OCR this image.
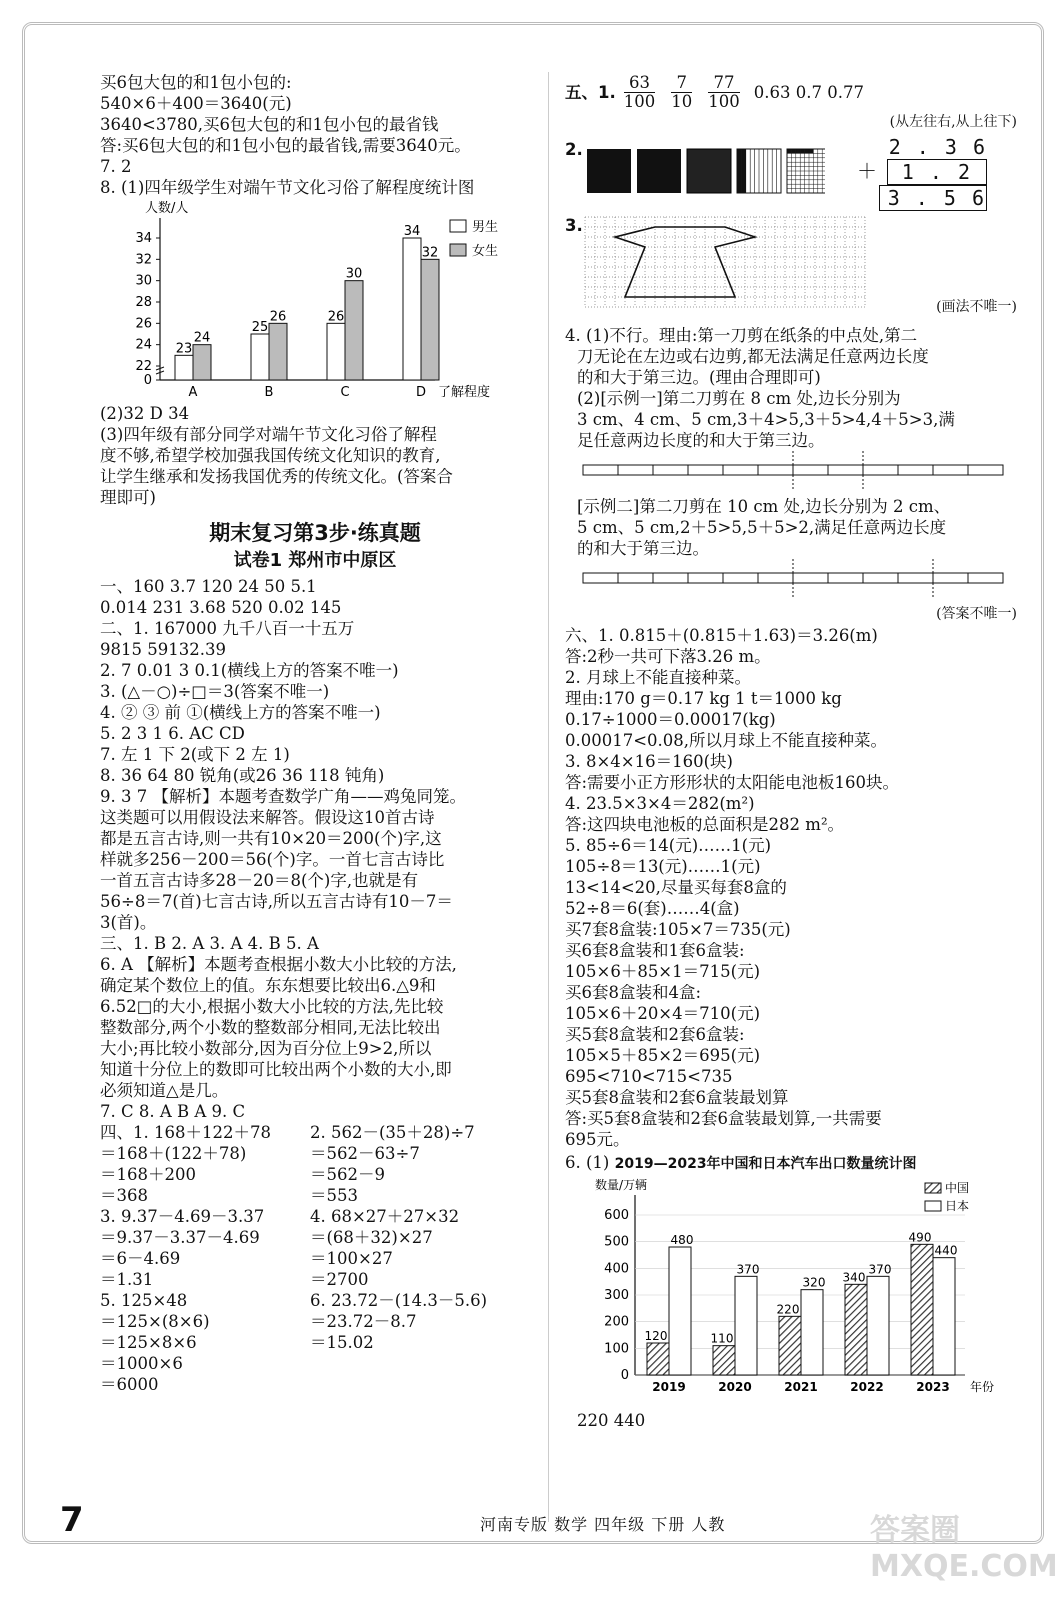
买6包大包的和1包小包的:
540×6＋400＝3640(元)
3640<3780,买6包大包的和1包小包的最省钱
答:买6包大包的和1包小包的最省钱,需要3640元。
7. 2
8. (1)四年级学生对端午节文化习俗了解程度统计图
人数/人
了解程度
0
22
24
26
28
30
32
34
23
24
A
25
26
B
26
30
C
34
32
D
男生
女生
(2)32 D 34
(3)四年级有部分同学对端午节文化习俗了解程
度不够,希望学校加强我国传统文化知识的教育,
让学生继承和发扬我国优秀的传统文化。(答案合
理即可)
期末复习第3步·练真题
试卷1 郑州市中原区
一、160 3.7 120 24 50 5.1
0.014 231 3.68 520 0.02 145
二、1. 167000 九千八百一十五万
9815 59132.39
2. 7 0.01 3 0.1(横线上方的答案不唯一)
3. (△－○)÷□＝3(答案不唯一)
4. ② ③ 前 ①(横线上方的答案不唯一)
5. 2 3 1 6. AC CD
7. 左 1 下 2(或下 2 左 1)
8. 36 64 80 锐角(或26 36 118 钝角)
9. 3 7 【解析】本题考查数学广角——鸡兔同笼。
这类题可以用假设法来解答。假设这10首古诗
都是五言古诗,则一共有10×20＝200(个)字,这
样就多256－200＝56(个)字。一首七言古诗比
一首五言古诗多28－20＝8(个)字,也就是有
56÷8＝7(首)七言古诗,所以五言古诗有10－7＝
3(首)。
三、1. B 2. A 3. A 4. B 5. A
6. A 【解析】本题考查根据小数大小比较的方法,
确定某个数位上的值。东东想要比较出6.△9和
6.52□的大小,根据小数大小比较的方法,先比较
整数部分,两个小数的整数部分相同,无法比较出
大小;再比较小数部分,因为百分位上9>2,所以
知道十分位上的数即可比较出两个小数的大小,即
必须知道△是几。
7. C 8. A B A 9. C
四、1. 168＋122＋78	2. 562－(35＋28)÷7
＝168＋(122＋78)	＝562－63÷7
＝168＋200	＝562－9
＝368	＝553
3. 9.37－4.69－3.37	4. 68×27＋27×32
＝9.37－3.37－4.69	＝(68＋32)×27
＝6－4.69	＝100×27
＝1.31	＝2700
5. 125×48	6. 23.72－(14.3－5.6)
＝125×(8×6)	＝23.72－8.7
＝125×8×6	＝15.02
＝1000×6
＝6000
五、1. $\frac{63}{100} \frac{7}{10} \frac{77}{100} 0.63$ 0.7 0.77
(从左往右,从上往下)
2.	2 . 3 6
＋	1 . 2
3 . 5 6
3.
(画法不唯一)
4. (1)不行。理由:第一刀剪在纸条的中点处,第二
刀无论在左边或右边剪,都无法满足任意两边长度
的和大于第三边。(理由合理即可)
(2)[示例一]第二刀剪在 8 cm 处,边长分别为
3 cm、4 cm、5 cm,3＋4>5,3＋5>4,4＋5>3,满
足任意两边长度的和大于第三边。
[示例二]第二刀剪在 10 cm 处,边长分别为 2 cm、
5 cm、5 cm,2＋5>5,5＋5>2,满足任意两边长度
的和大于第三边。
(答案不唯一)
六、1. 0.815＋(0.815＋1.63)＝3.26(m)
答:2秒一共可下落3.26 m。
2. 月球上不能直接种菜。
理由:170 g＝0.17 kg 1 t＝1000 kg
0.17÷1000＝0.00017(kg)
0.00017<0.08,所以月球上不能直接种菜。
3. 8×4×16＝160(块)
答:需要小正方形形状的太阳能电池板160块。
4. 23.5×3×4＝282(m²)
答:这四块电池板的总面积是282 m²。
5. 85÷6＝14(元)……1(元)
105÷8＝13(元)……1(元)
13<14<20,尽量买每套8盒的
52÷8＝6(套)……4(盒)
买7套8盒装:105×7＝735(元)
买6套8盒装和1套6盒装:
105×6＋85×1＝715(元)
买6套8盒装和4盒:
105×6＋20×4＝710(元)
买5套8盒装和2套6盒装:
105×5＋85×2＝695(元)
695<710<715<735
买5套8盒装和2套6盒装最划算
答:买5套8盒装和2套6盒装最划算,一共需要
695元。
6. (1) 2019—2023年中国和日本汽车出口数量统计图
数量/万辆
年份
0
100
200
300
400
500
600
120
480
2019
110
370
2020
220
320
2021
340
370
2022
490
440
2023
中国
日本
220 440
7	河南专版 数学 四年级 下册 人教	答案圈 MXQE.COM
